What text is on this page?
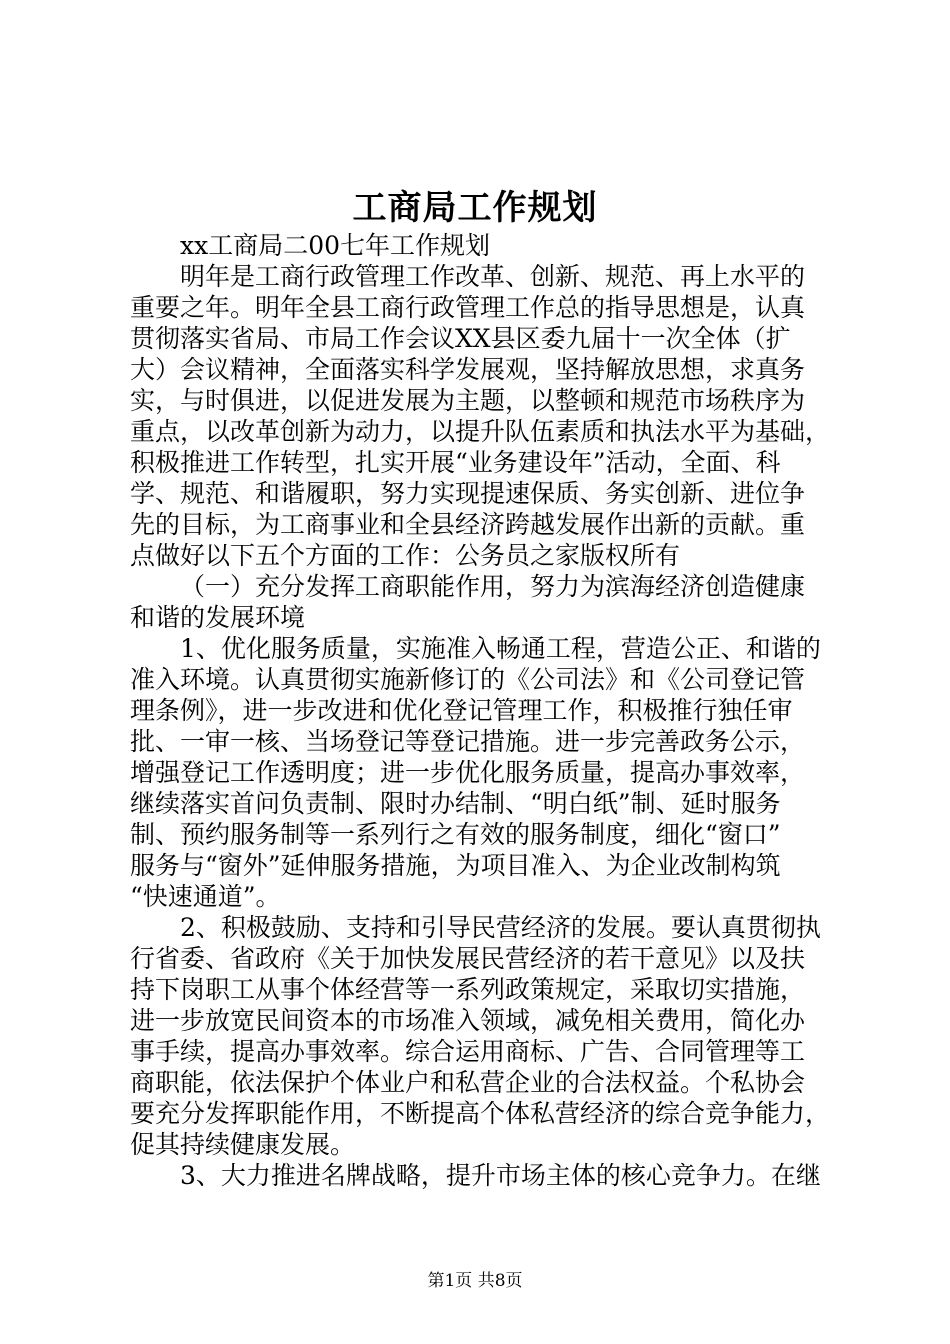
工商局工作规划
xx工商局二00七年工作规划
明年是工商行政管理工作改革、创新、规范、再上水平的
重要之年。明年全县工商行政管理工作总的指导思想是，认真
贯彻落实省局、市局工作会议XX县区委九届十一次全体（扩
大）会议精神，全面落实科学发展观，坚持解放思想，求真务
实，与时俱进，以促进发展为主题，以整顿和规范市场秩序为
重点，以改革创新为动力，以提升队伍素质和执法水平为基础，
积极推进工作转型，扎实开展“业务建设年”活动，全面、科
学、规范、和谐履职，努力实现提速保质、务实创新、进位争
先的目标，为工商事业和全县经济跨越发展作出新的贡献。重
点做好以下五个方面的工作：公务员之家版权所有
（一）充分发挥工商职能作用，努力为滨海经济创造健康
和谐的发展环境
1、优化服务质量，实施准入畅通工程，营造公正、和谐的
准入环境。认真贯彻实施新修订的《公司法》和《公司登记管
理条例》，进一步改进和优化登记管理工作，积极推行独任审
批、一审一核、当场登记等登记措施。进一步完善政务公示，
增强登记工作透明度；进一步优化服务质量，提高办事效率，
继续落实首问负责制、限时办结制、“明白纸”制、延时服务
制、预约服务制等一系列行之有效的服务制度，细化“窗口”
服务与“窗外”延伸服务措施，为项目准入、为企业改制构筑
“快速通道”。
2、积极鼓励、支持和引导民营经济的发展。要认真贯彻执
行省委、省政府《关于加快发展民营经济的若干意见》以及扶
持下岗职工从事个体经营等一系列政策规定，采取切实措施，
进一步放宽民间资本的市场准入领域，减免相关费用，简化办
事手续，提高办事效率。综合运用商标、广告、合同管理等工
商职能，依法保护个体业户和私营企业的合法权益。个私协会
要充分发挥职能作用，不断提高个体私营经济的综合竞争能力，
促其持续健康发展。
3、大力推进名牌战略，提升市场主体的核心竞争力。在继
第1页 共8页
